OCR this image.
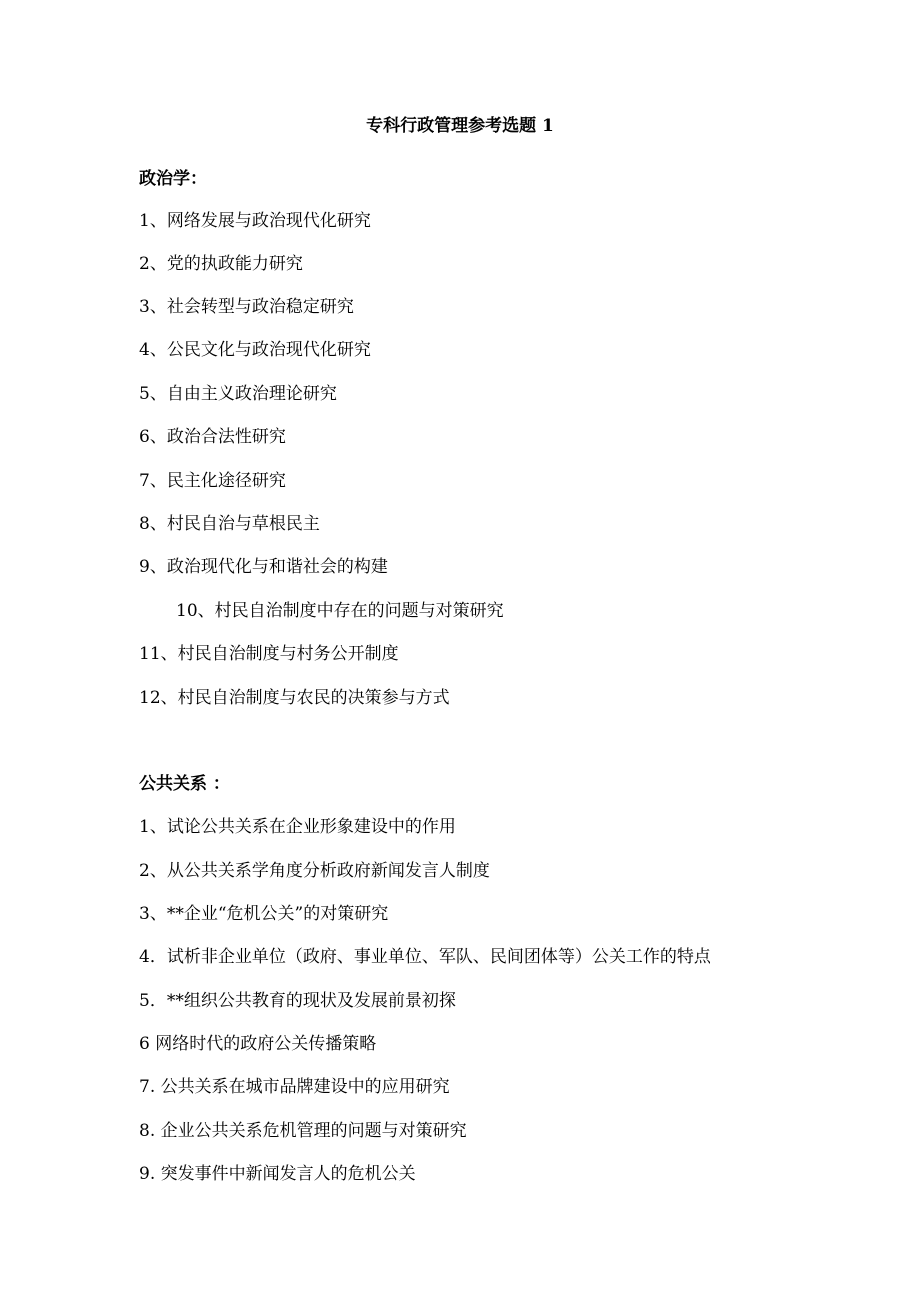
专科行政管理参考选题 1
政治学：
1、网络发展与政治现代化研究
2、党的执政能力研究
3、社会转型与政治稳定研究
4、公民文化与政治现代化研究
5、自由主义政治理论研究
6、政治合法性研究
7、民主化途径研究
8、村民自治与草根民主
9、政治现代化与和谐社会的构建
10、村民自治制度中存在的问题与对策研究
11、村民自治制度与村务公开制度
12、村民自治制度与农民的决策参与方式
公共关系 ：
1、试论公共关系在企业形象建设中的作用
2、从公共关系学角度分析政府新闻发言人制度
3、**企业“危机公关”的对策研究
4．试析非企业单位（政府、事业单位、军队、民间团体等）公关工作的特点
5．**组织公共教育的现状及发展前景初探
6 网络时代的政府公关传播策略
7. 公共关系在城市品牌建设中的应用研究
8. 企业公共关系危机管理的问题与对策研究
9. 突发事件中新闻发言人的危机公关
